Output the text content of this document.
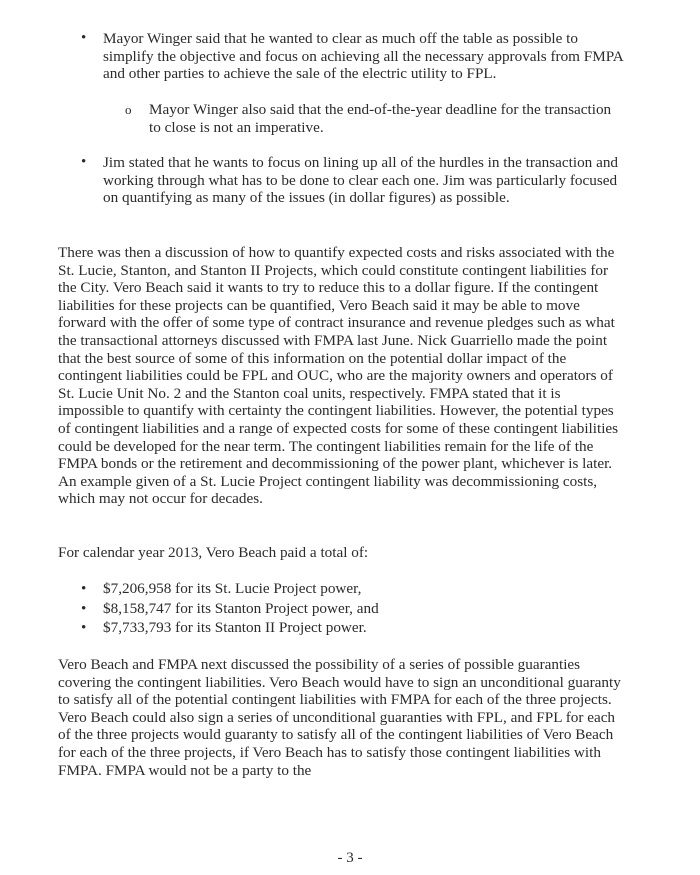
• Mayor Winger said that he wanted to clear as much off the table as possible to simplify the objective and focus on achieving all the necessary approvals from FMPA and other parties to achieve the sale of the electric utility to FPL.
o Mayor Winger also said that the end-of-the-year deadline for the transaction to close is not an imperative.
• Jim stated that he wants to focus on lining up all of the hurdles in the transaction and working through what has to be done to clear each one. Jim was particularly focused on quantifying as many of the issues (in dollar figures) as possible.
There was then a discussion of how to quantify expected costs and risks associated with the St. Lucie, Stanton, and Stanton II Projects, which could constitute contingent liabilities for the City. Vero Beach said it wants to try to reduce this to a dollar figure. If the contingent liabilities for these projects can be quantified, Vero Beach said it may be able to move forward with the offer of some type of contract insurance and revenue pledges such as what the transactional attorneys discussed with FMPA last June. Nick Guarriello made the point that the best source of some of this information on the potential dollar impact of the contingent liabilities could be FPL and OUC, who are the majority owners and operators of St. Lucie Unit No. 2 and the Stanton coal units, respectively. FMPA stated that it is impossible to quantify with certainty the contingent liabilities. However, the potential types of contingent liabilities and a range of expected costs for some of these contingent liabilities could be developed for the near term. The contingent liabilities remain for the life of the FMPA bonds or the retirement and decommissioning of the power plant, whichever is later. An example given of a St. Lucie Project contingent liability was decommissioning costs, which may not occur for decades.
For calendar year 2013, Vero Beach paid a total of:
• $7,206,958 for its St. Lucie Project power,
• $8,158,747 for its Stanton Project power, and
• $7,733,793 for its Stanton II Project power.
Vero Beach and FMPA next discussed the possibility of a series of possible guaranties covering the contingent liabilities. Vero Beach would have to sign an unconditional guaranty to satisfy all of the potential contingent liabilities with FMPA for each of the three projects. Vero Beach could also sign a series of unconditional guaranties with FPL, and FPL for each of the three projects would guaranty to satisfy all of the contingent liabilities of Vero Beach for each of the three projects, if Vero Beach has to satisfy those contingent liabilities with FMPA. FMPA would not be a party to the
- 3 -
